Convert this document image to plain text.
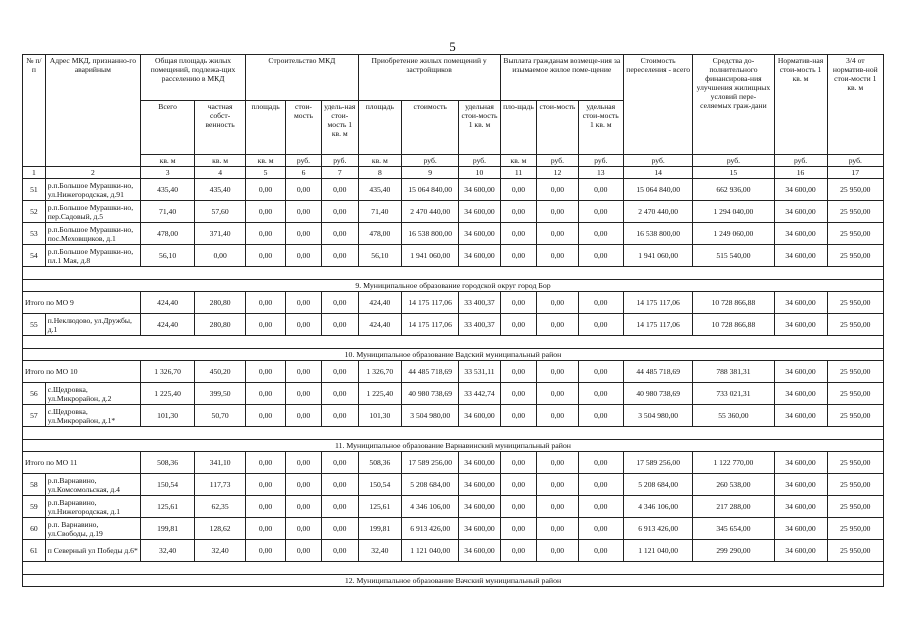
5
№ п/п	Адрес МКД, признанно-го аварийным	Общая площадь жилых помещений, подлежа-щих расселению в МКД		Строительство МКД			Приобретение жилых помещений у застройщиков			Выплата гражданам возмеще-ния за изымаемое жилое поме-щение			Стоимость переселения - всего	Средства до-полнительного финансирова-ния улучшения жилищных условий пере-селяемых граж-дани	Норматив-ная стои-мость 1 кв. м	3/4 от норматив-ной стои-мости 1 кв. м
		Всего	частная собст-венность	площадь	стои-мость	удель-ная стои-мость 1 кв. м	площадь	стоимость	удельная стои-мость 1 кв. м	пло-щадь	стои-мость	удельная стои-мость 1 кв. м				
		кв. м	кв. м	кв. м	руб.	руб.	кв. м	руб.	руб.	кв. м	руб.	руб.	руб.	руб.	руб.	руб.
1	2	3	4	5	6	7	8	9	10	11	12	13	14	15	16	17
51	р.п.Большое Мурашки-но, ул.Нижегородская, д.91	435,40	435,40	0,00	0,00	0,00	435,40	15 064 840,00	34 600,00	0,00	0,00	0,00	15 064 840,00	662 936,00	34 600,00	25 950,00
52	р.п.Большое Мурашки-но, пер.Садовый, д.5	71,40	57,60	0,00	0,00	0,00	71,40	2 470 440,00	34 600,00	0,00	0,00	0,00	2 470 440,00	1 294 040,00	34 600,00	25 950,00
53	р.п.Большое Мурашки-но, пос.Меховщиков, д.1	478,00	371,40	0,00	0,00	0,00	478,00	16 538 800,00	34 600,00	0,00	0,00	0,00	16 538 800,00	1 249 060,00	34 600,00	25 950,00
54	р.п.Большое Мурашки-но, пл.1 Мая, д.8	56,10	0,00	0,00	0,00	0,00	56,10	1 941 060,00	34 600,00	0,00	0,00	0,00	1 941 060,00	515 540,00	34 600,00	25 950,00

9. Муниципальное образование городской округ город Бор																
Итого по МО 9		424,40	280,80	0,00	0,00	0,00	424,40	14 175 117,06	33 400,37	0,00	0,00	0,00	14 175 117,06	10 728 866,88	34 600,00	25 950,00
55	п.Неклюдово, ул.Дружбы, д.1	424,40	280,80	0,00	0,00	0,00	424,40	14 175 117,06	33 400,37	0,00	0,00	0,00	14 175 117,06	10 728 866,88	34 600,00	25 950,00

10. Муниципальное образование Вадский муниципальный район																
Итого по МО 10		1 326,70	450,20	0,00	0,00	0,00	1 326,70	44 485 718,69	33 531,11	0,00	0,00	0,00	44 485 718,69	788 381,31	34 600,00	25 950,00
56	с.Щедровка, ул.Микрорайон, д.2	1 225,40	399,50	0,00	0,00	0,00	1 225,40	40 980 738,69	33 442,74	0,00	0,00	0,00	40 980 738,69	733 021,31	34 600,00	25 950,00
57	с.Щедровка, ул.Микрорайон, д.1*	101,30	50,70	0,00	0,00	0,00	101,30	3 504 980,00	34 600,00	0,00	0,00	0,00	3 504 980,00	55 360,00	34 600,00	25 950,00

11. Муниципальное образование Варнавинский муниципальный район																
Итого по МО 11		508,36	341,10	0,00	0,00	0,00	508,36	17 589 256,00	34 600,00	0,00	0,00	0,00	17 589 256,00	1 122 770,00	34 600,00	25 950,00
58	р.п.Варнавино, ул.Комсомольская, д.4	150,54	117,73	0,00	0,00	0,00	150,54	5 208 684,00	34 600,00	0,00	0,00	0,00	5 208 684,00	260 538,00	34 600,00	25 950,00
59	р.п.Варнавино, ул.Нижегородская, д.1	125,61	62,35	0,00	0,00	0,00	125,61	4 346 106,00	34 600,00	0,00	0,00	0,00	4 346 106,00	217 288,00	34 600,00	25 950,00
60	р.п. Варнавино, ул.Свободы, д.19	199,81	128,62	0,00	0,00	0,00	199,81	6 913 426,00	34 600,00	0,00	0,00	0,00	6 913 426,00	345 654,00	34 600,00	25 950,00
61	п Северный ул Победы д.6*	32,40	32,40	0,00	0,00	0,00	32,40	1 121 040,00	34 600,00	0,00	0,00	0,00	1 121 040,00	299 290,00	34 600,00	25 950,00

12. Муниципальное образование Вачский муниципальный район																
